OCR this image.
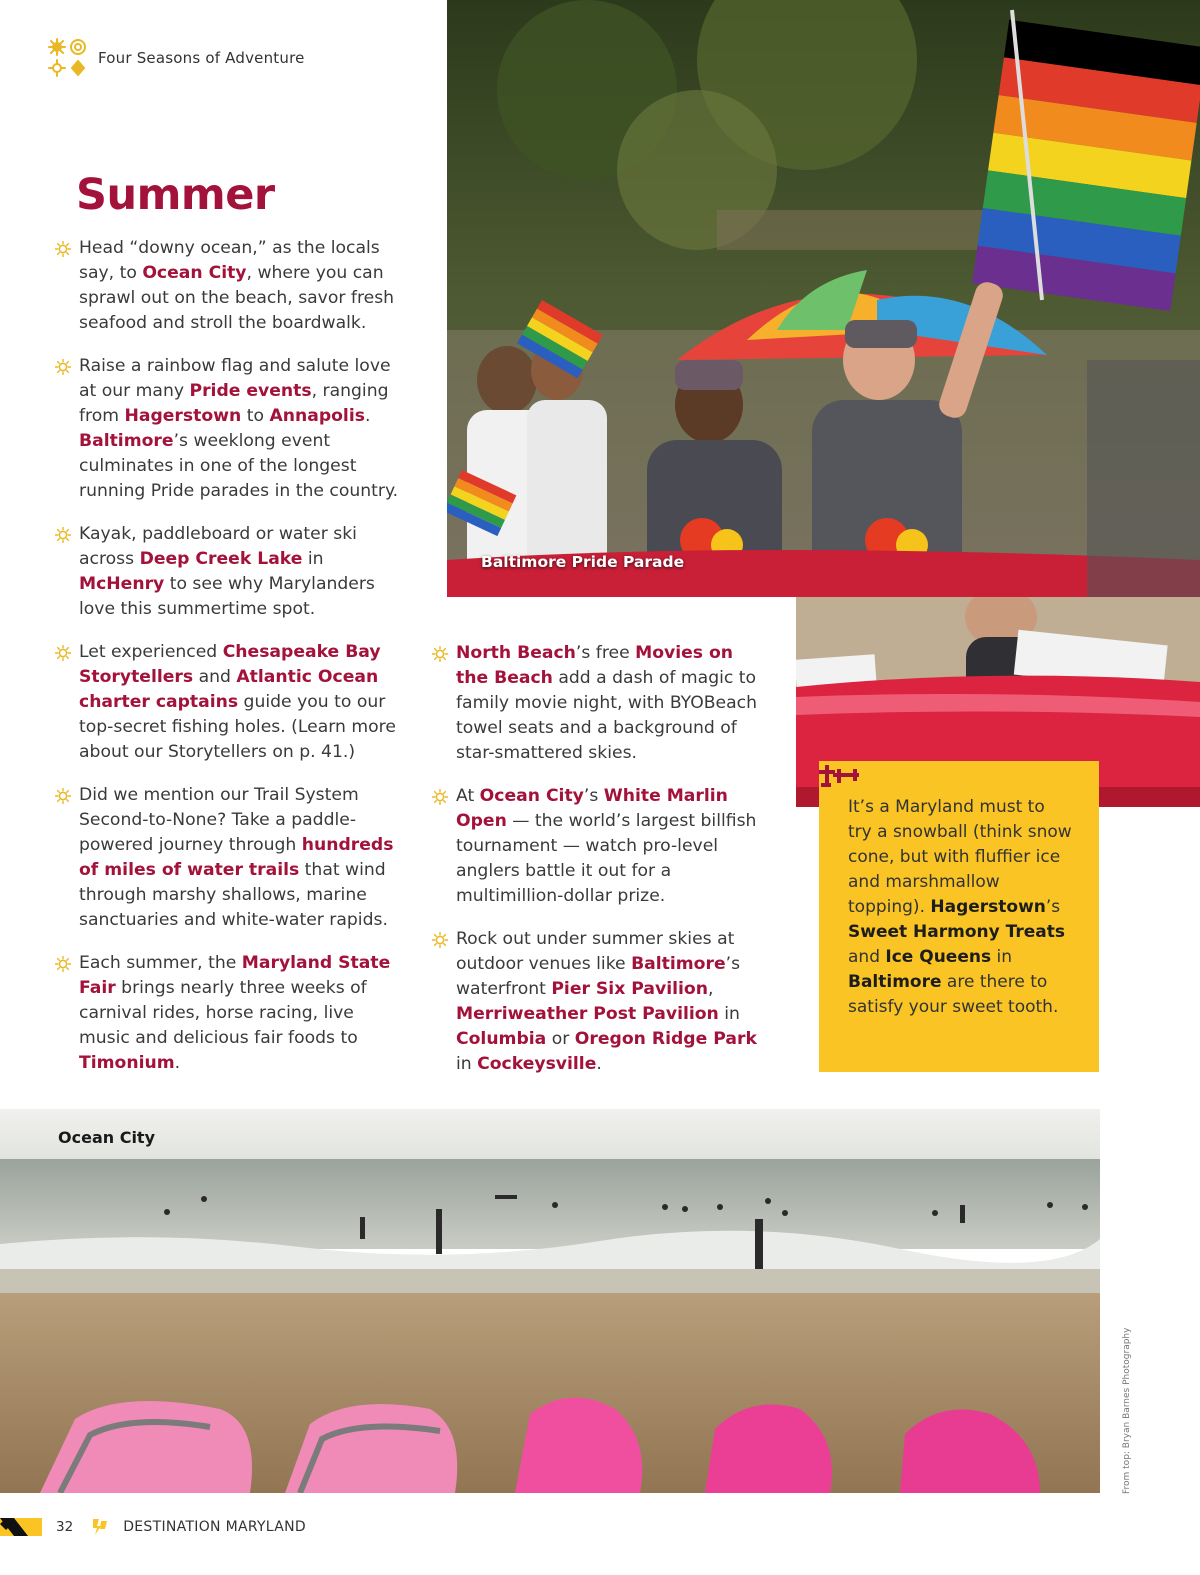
Four Seasons of Adventure
Summer
Head “downy ocean,” as the locals say, to Ocean City, where you can sprawl out on the beach, savor fresh seafood and stroll the boardwalk.
Raise a rainbow flag and salute love at our many Pride events, ranging from Hagerstown to Annapolis. Baltimore’s weeklong event culminates in one of the longest running Pride parades in the country.
Kayak, paddleboard or water ski across Deep Creek Lake in McHenry to see why Marylanders love this summertime spot.
Let experienced Chesapeake Bay Storytellers and Atlantic Ocean charter captains guide you to our top-secret fishing holes. (Learn more about our Storytellers on p. 41.)
Did we mention our Trail System Second-to-None? Take a paddle-powered journey through hundreds of miles of water trails that wind through marshy shallows, marine sanctuaries and white-water rapids.
Each summer, the Maryland State Fair brings nearly three weeks of carnival rides, horse racing, live music and delicious fair foods to Timonium.
Baltimore Pride Parade
North Beach’s free Movies on the Beach add a dash of magic to family movie night, with BYOBeach towel seats and a background of star-smattered skies.
At Ocean City’s White Marlin Open — the world’s largest billfish tournament — watch pro-level anglers battle it out for a multimillion-dollar prize.
Rock out under summer skies at outdoor venues like Baltimore’s waterfront Pier Six Pavilion, Merriweather Post Pavilion in Columbia or Oregon Ridge Park in Cockeysville.
It’s a Maryland must to try a snowball (think snow cone, but with fluffier ice and marshmallow topping). Hagerstown’s Sweet Harmony Treats and Ice Queens in Baltimore are there to satisfy your sweet tooth.
Ocean City
From top: Bryan Barnes Photography
32	DESTINATION MARYLAND
